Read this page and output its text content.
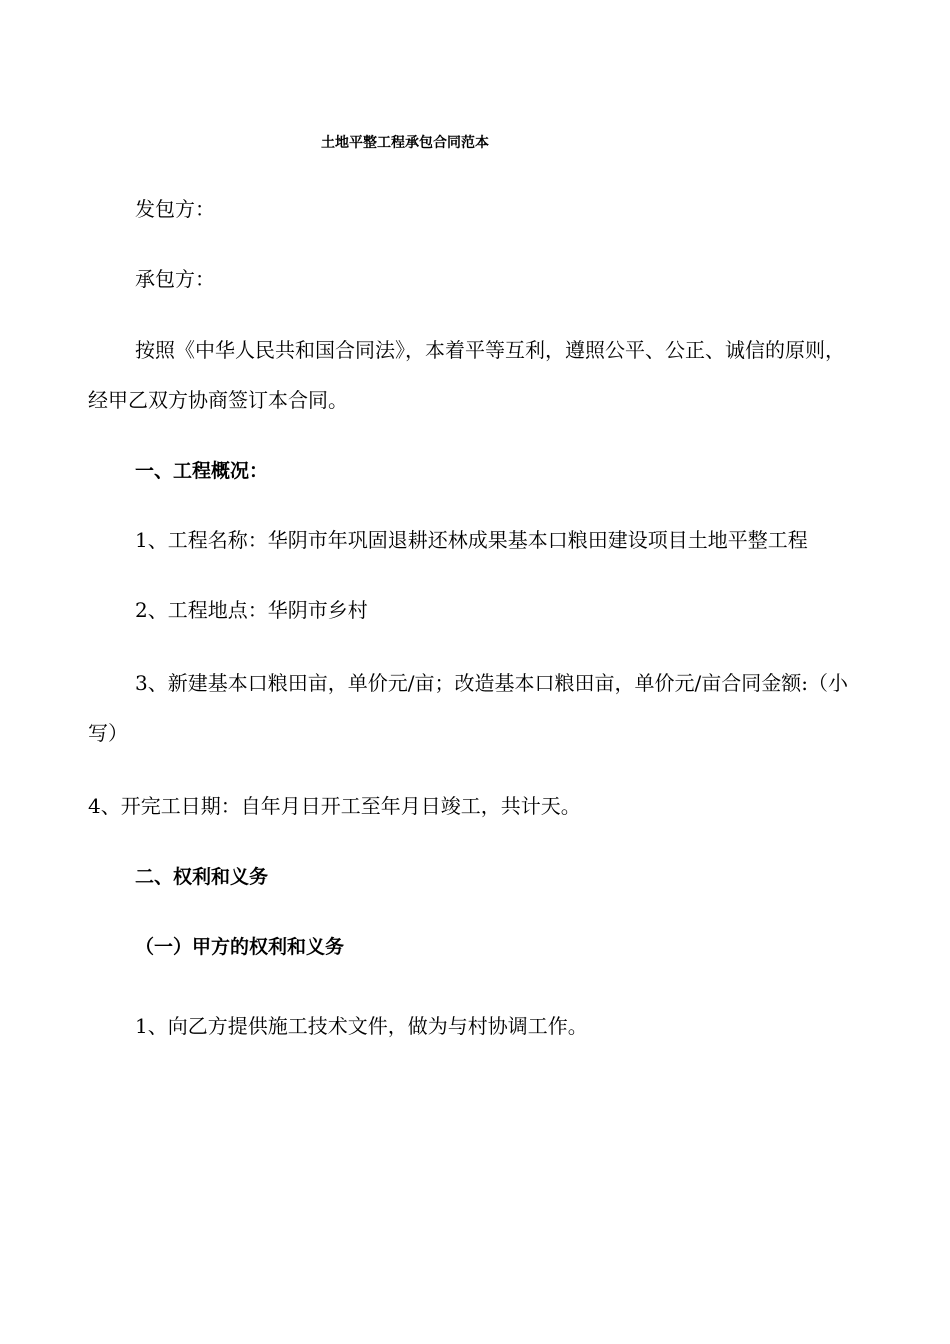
土地平整工程承包合同范本
发包方：
承包方：
按照《中华人民共和国合同法》，本着平等互利，遵照公平、公正、诚信的原则，
经甲乙双方协商签订本合同。
一、工程概况：
1、工程名称：华阴市年巩固退耕还林成果基本口粮田建设项目土地平整工程
2、工程地点：华阴市乡村
3、新建基本口粮田亩，单价元/亩；改造基本口粮田亩，单价元/亩合同金额:（小
写）
4、开完工日期：自年月日开工至年月日竣工，共计天。
二、权利和义务
（一）甲方的权利和义务
1、向乙方提供施工技术文件，做为与村协调工作。
